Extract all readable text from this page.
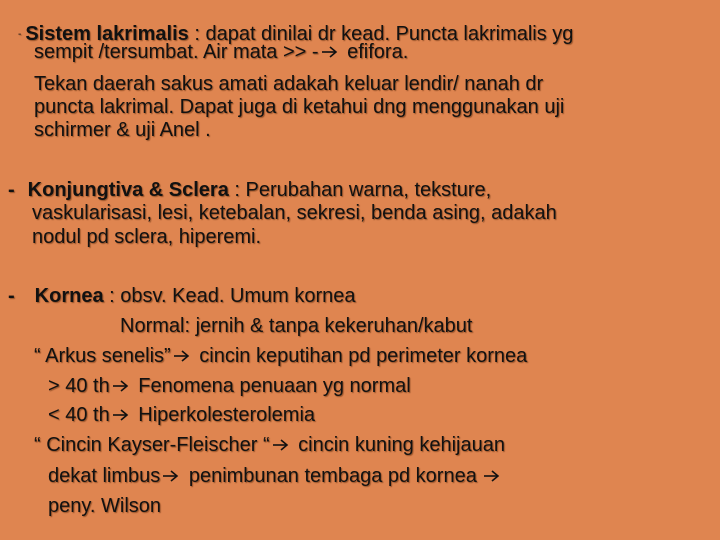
- Sistem lakrimalis : dapat dinilai dr kead. Puncta lakrimalis yg
sempit /tersumbat. Air mata >> -
efifora.
Tekan daerah sakus amati adakah keluar lendir/ nanah dr
puncta lakrimal. Dapat juga di ketahui dng menggunakan uji
schirmer & uji Anel .
- Konjungtiva & Sclera : Perubahan warna, teksture,
vaskularisasi, lesi, ketebalan, sekresi, benda asing, adakah
nodul pd sclera, hiperemi.
- Kornea : obsv. Kead. Umum kornea
Normal: jernih & tanpa kekeruhan/kabut
“ Arkus senelis”
cincin keputihan pd perimeter kornea
> 40 th
Fenomena penuaan yg normal
< 40 th
Hiperkolesterolemia
“ Cincin Kayser-Fleischer “
cincin kuning kehijauan
dekat limbus
penimbunan tembaga pd kornea
peny. Wilson
